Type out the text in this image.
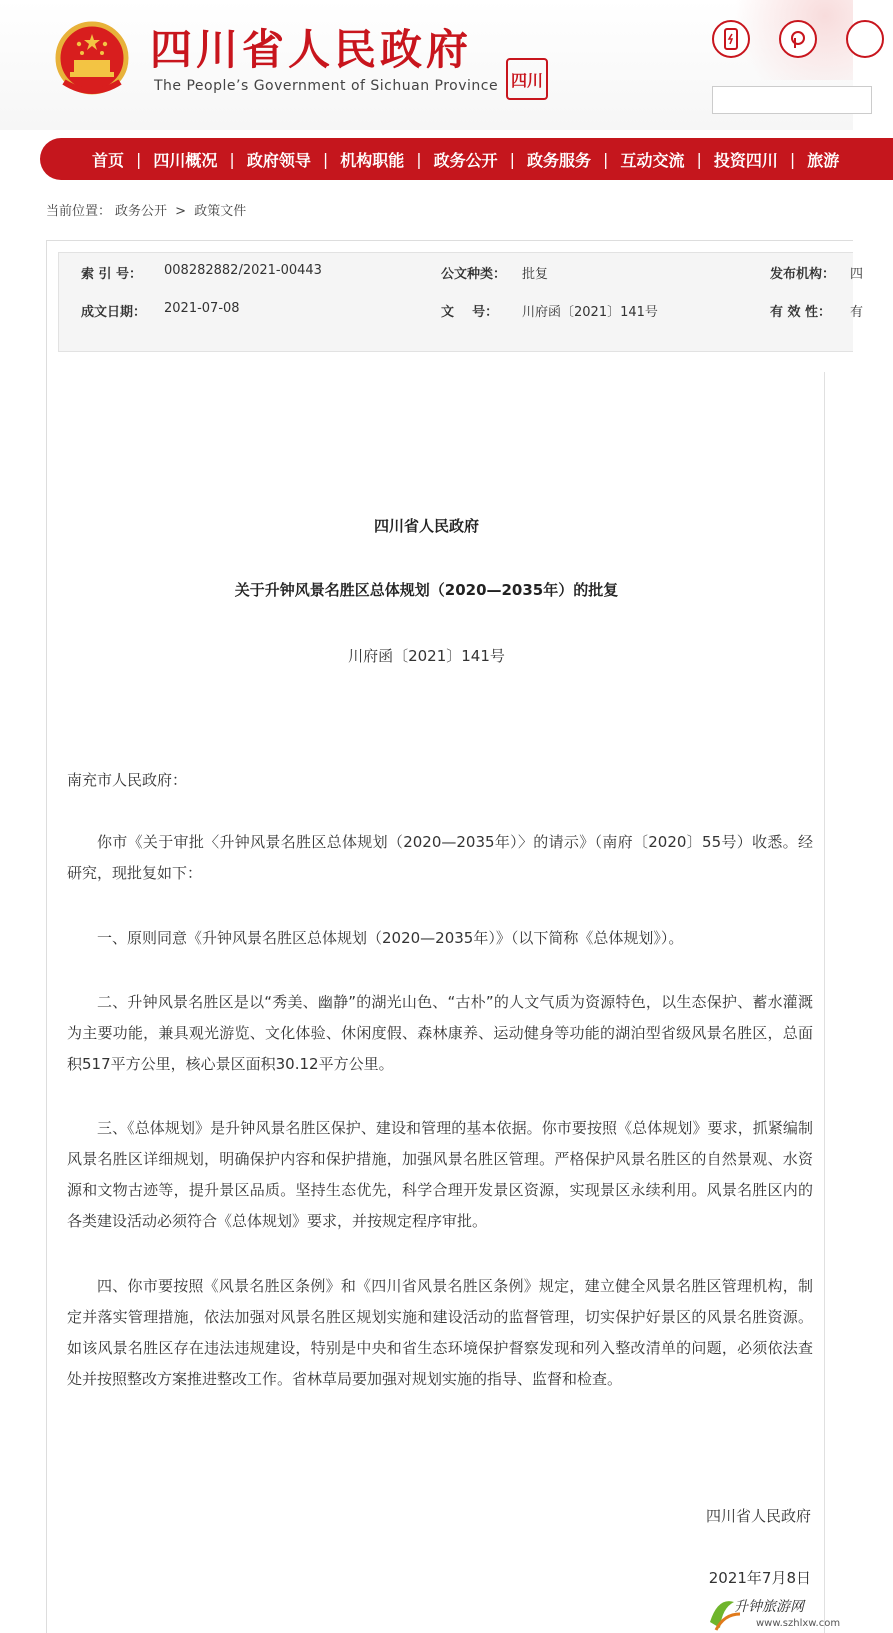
四川省人民政府
The People’s Government of Sichuan Province 四川
首页 | 四川概况 | 政府领导 | 机构职能 | 政务公开 | 政务服务 | 互动交流 | 投资四川 | 旅游
当前位置： 政务公开 > 政策文件
索 引 号： 008282882/2021-00443	公文种类： 批复	发布机构： 四
成文日期： 2021-07-08	文    号： 川府函〔2021〕141号	有 效 性： 有
四川省人民政府
关于升钟风景名胜区总体规划（2020—2035年）的批复
川府函〔2021〕141号

南充市人民政府：

你市《关于审批〈升钟风景名胜区总体规划（2020—2035年）〉的请示》（南府〔2020〕55号）收悉。经研究，现批复如下：

一、原则同意《升钟风景名胜区总体规划（2020—2035年）》（以下简称《总体规划》）。

二、升钟风景名胜区是以“秀美、幽静”的湖光山色、“古朴”的人文气质为资源特色，以生态保护、蓄水灌溉为主要功能，兼具观光游览、文化体验、休闲度假、森林康养、运动健身等功能的湖泊型省级风景名胜区，总面积517平方公里，核心景区面积30.12平方公里。

三、《总体规划》是升钟风景名胜区保护、建设和管理的基本依据。你市要按照《总体规划》要求，抓紧编制风景名胜区详细规划，明确保护内容和保护措施，加强风景名胜区管理。严格保护风景名胜区的自然景观、水资源和文物古迹等，提升景区品质。坚持生态优先，科学合理开发景区资源，实现景区永续利用。风景名胜区内的各类建设活动必须符合《总体规划》要求，并按规定程序审批。

四、你市要按照《风景名胜区条例》和《四川省风景名胜区条例》规定，建立健全风景名胜区管理机构，制定并落实管理措施，依法加强对风景名胜区规划实施和建设活动的监督管理，切实保护好景区的风景名胜资源。如该风景名胜区存在违法违规建设，特别是中央和省生态环境保护督察发现和列入整改清单的问题，必须依法查处并按照整改方案推进整改工作。省林草局要加强对规划实施的指导、监督和检查。

四川省人民政府
2021年7月8日
升钟旅游网
www.szhlxw.com
